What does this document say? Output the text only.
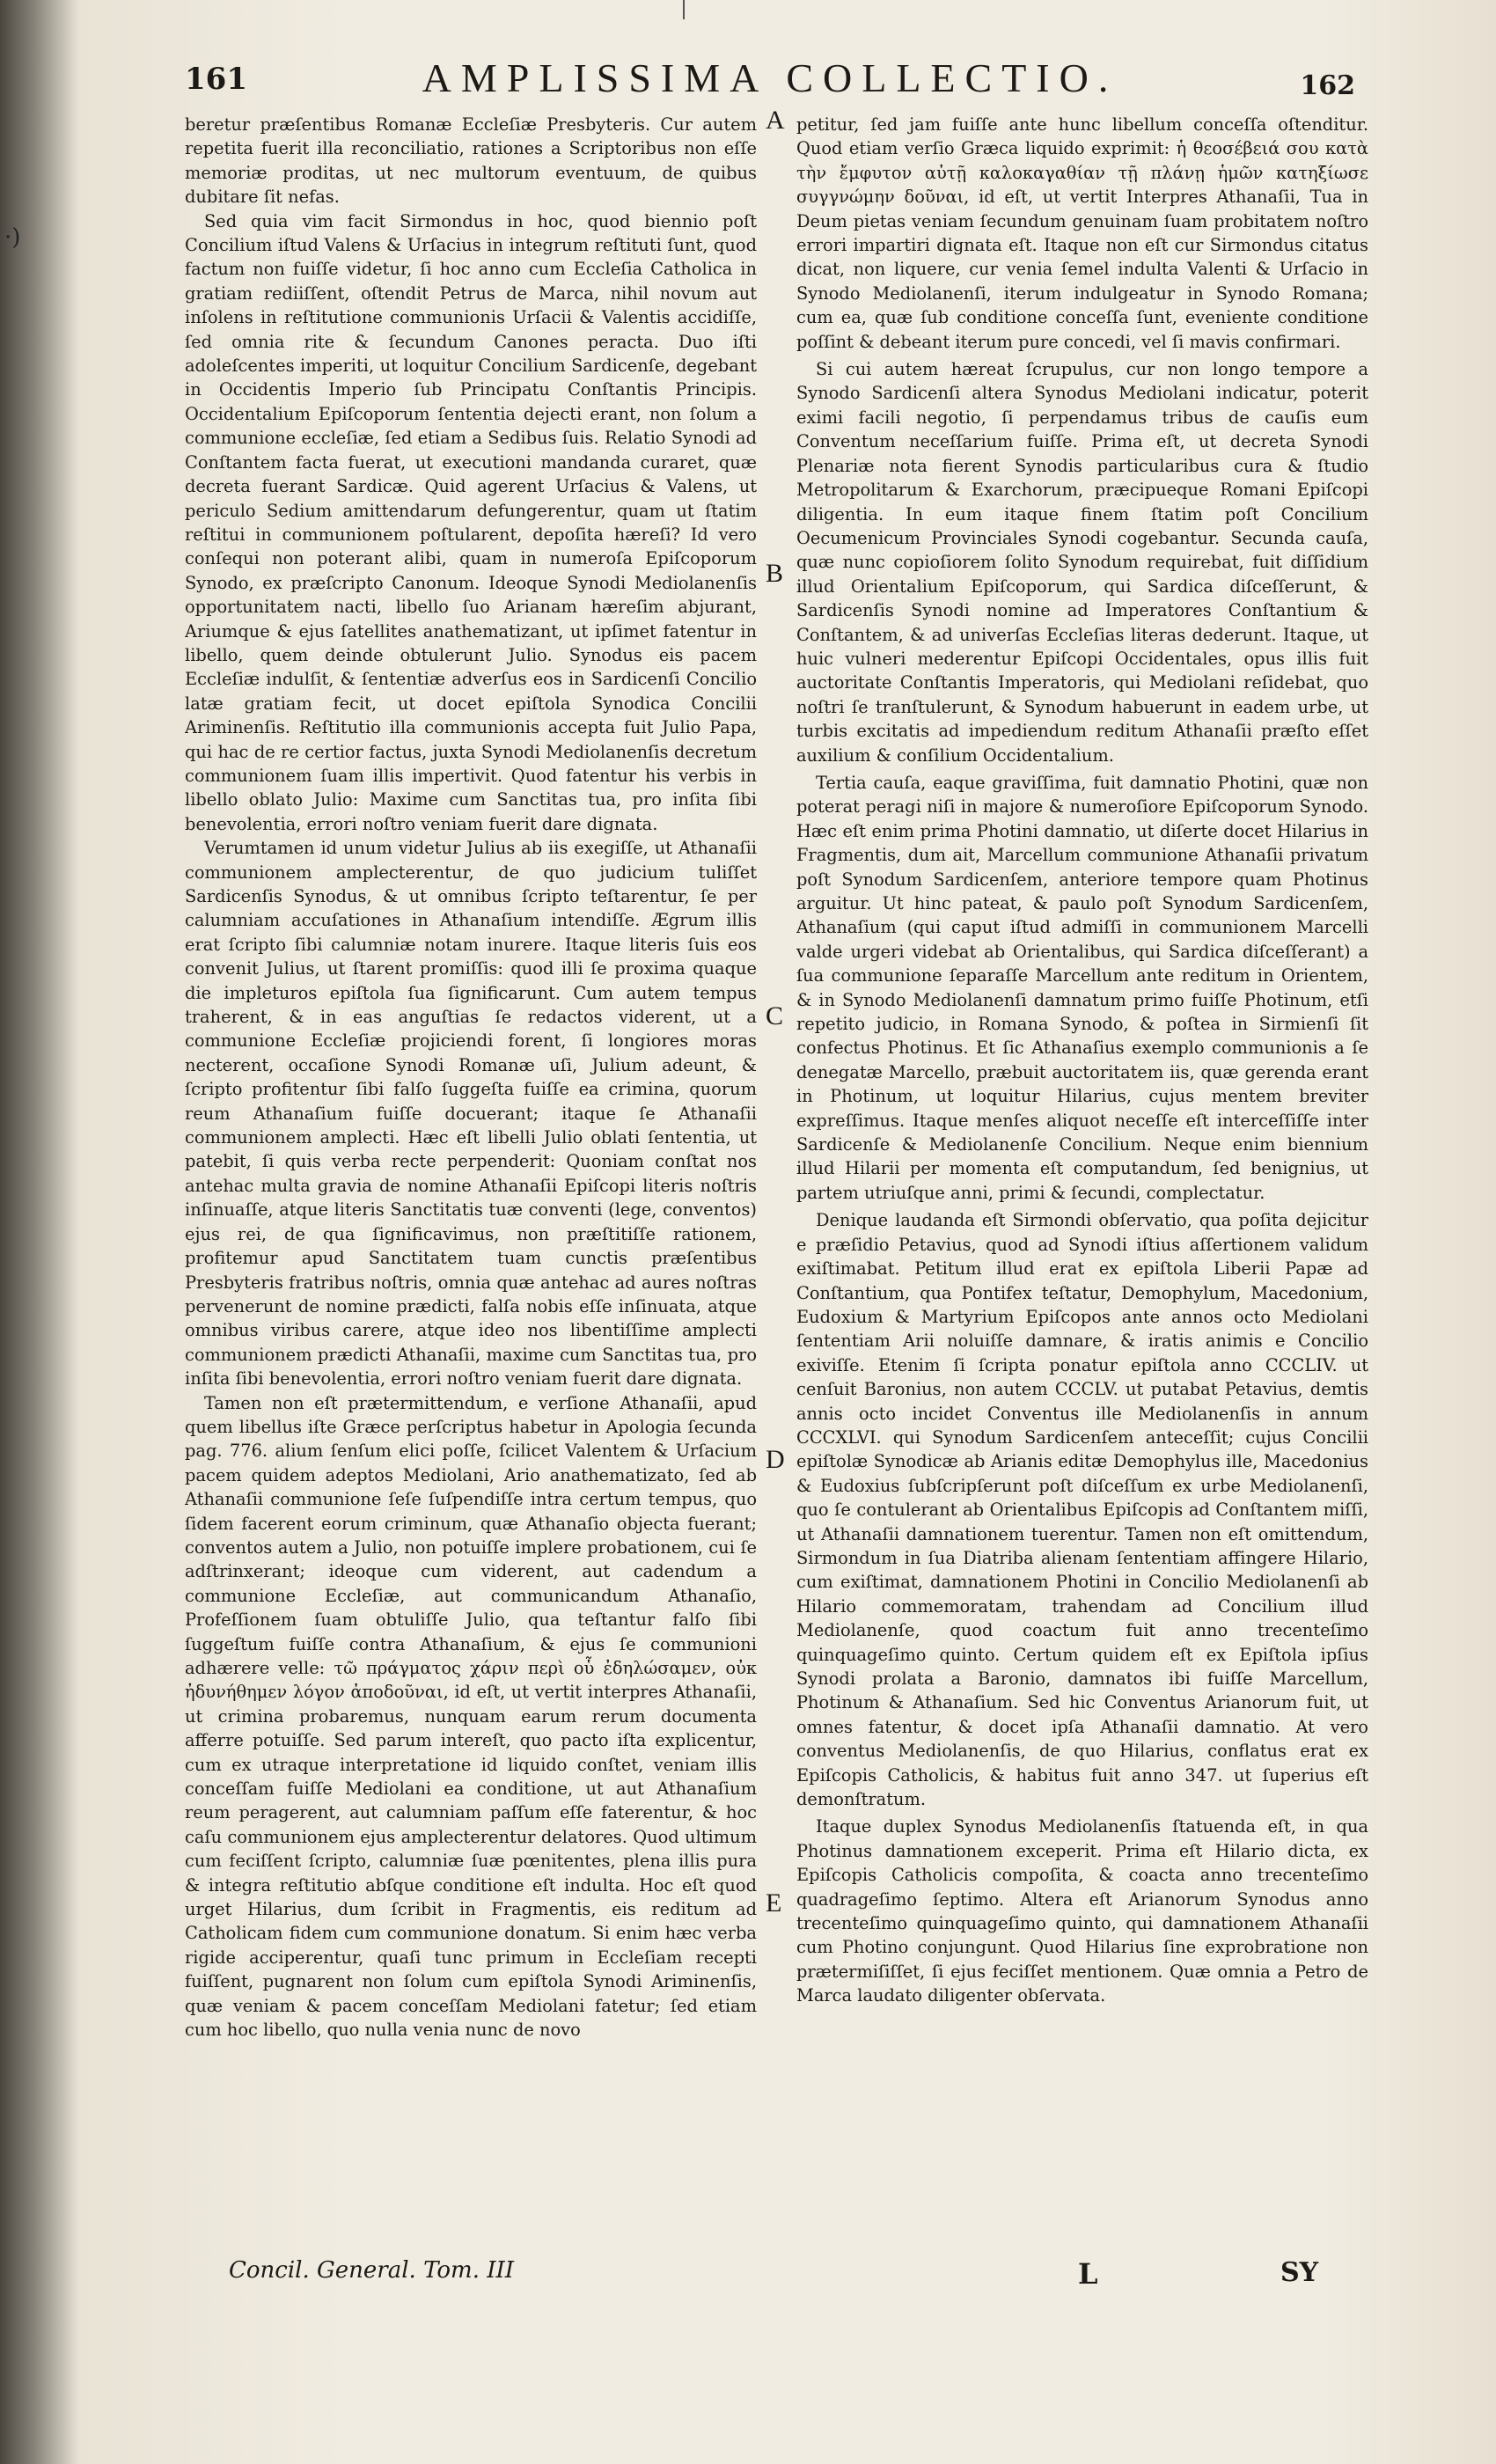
·)
161	AMPLISSIMA COLLECTIO.	162

beretur præſentibus Romanæ Eccleſiæ Presbyteris. Cur autem repetita fuerit illa reconciliatio, rationes a Scriptoribus non eſſe memoriæ proditas, ut nec multorum eventuum, de quibus dubitare ſit nefas.

Sed quia vim facit Sirmondus in hoc, quod biennio poſt Concilium iſtud Valens & Urſacius in integrum reſtituti ſunt, quod factum non fuiſſe videtur, ſi hoc anno cum Eccleſia Catholica in gratiam rediiſſent, oſtendit Petrus de Marca, nihil novum aut inſolens in reſtitutione communionis Urſacii & Valentis accidiſſe, ſed omnia rite & ſecundum Canones peracta. Duo iſti adoleſcentes imperiti, ut loquitur Concilium Sardicenſe, degebant in Occidentis Imperio ſub Principatu Conſtantis Principis. Occidentalium Epiſcoporum ſententia dejecti erant, non ſolum a communione eccleſiæ, ſed etiam a Sedibus ſuis. Relatio Synodi ad Conſtantem facta fuerat, ut executioni mandanda curaret, quæ decreta fuerant Sardicæ. Quid agerent Urſacius & Valens, ut periculo Sedium amittendarum defungerentur, quam ut ſtatim reſtitui in communionem poſtularent, depoſita hæreſi? Id vero conſequi non poterant alibi, quam in numeroſa Epiſcoporum Synodo, ex præſcripto Canonum. Ideoque Synodi Mediolanenſis opportunitatem nacti, libello ſuo Arianam hæreſim abjurant, Ariumque & ejus ſatellites anathematizant, ut ipſimet fatentur in libello, quem deinde obtulerunt Julio. Synodus eis pacem Eccleſiæ indulſit, & ſententiæ adverſus eos in Sardicenſi Concilio latæ gratiam fecit, ut docet epiſtola Synodica Concilii Ariminenſis. Reſtitutio illa communionis accepta fuit Julio Papa, qui hac de re certior factus, juxta Synodi Mediolanenſis decretum communionem ſuam illis impertivit. Quod fatentur his verbis in libello oblato Julio: Maxime cum Sanctitas tua, pro inſita ſibi benevolentia, errori noſtro veniam fuerit dare dignata.

Verumtamen id unum videtur Julius ab iis exegiſſe, ut Athanaſii communionem amplecterentur, de quo judicium tuliſſet Sardicenſis Synodus, & ut omnibus ſcripto teſtarentur, ſe per calumniam accuſationes in Athanaſium intendiſſe. Ægrum illis erat ſcripto ſibi calumniæ notam inurere. Itaque literis ſuis eos convenit Julius, ut ſtarent promiſſis: quod illi ſe proxima quaque die impleturos epiſtola ſua ſignificarunt. Cum autem tempus traherent, & in eas anguſtias ſe redactos viderent, ut a communione Eccleſiæ projiciendi forent, ſi longiores moras necterent, occaſione Synodi Romanæ uſi, Julium adeunt, & ſcripto profitentur ſibi falſo ſuggeſta fuiſſe ea crimina, quorum reum Athanaſium fuiſſe docuerant; itaque ſe Athanaſii communionem amplecti. Hæc eſt libelli Julio oblati ſententia, ut patebit, ſi quis verba recte perpenderit: Quoniam conſtat nos antehac multa gravia de nomine Athanaſii Epiſcopi literis noſtris inſinuaſſe, atque literis Sanctitatis tuæ conventi (lege, conventos) ejus rei, de qua ſignificavimus, non præſtitiſſe rationem, profitemur apud Sanctitatem tuam cunctis præſentibus Presbyteris fratribus noſtris, omnia quæ antehac ad aures noſtras pervenerunt de nomine prædicti, falſa nobis eſſe inſinuata, atque omnibus viribus carere, atque ideo nos libentiſſime amplecti communionem prædicti Athanaſii, maxime cum Sanctitas tua, pro inſita ſibi benevolentia, errori noſtro veniam fuerit dare dignata.

Tamen non eſt prætermittendum, e verſione Athanaſii, apud quem libellus iſte Græce perſcriptus habetur in Apologia ſecunda pag. 776. alium ſenſum elici poſſe, ſcilicet Valentem & Urſacium pacem quidem adeptos Mediolani, Ario anathematizato, ſed ab Athanaſii communione ſeſe ſuſpendiſſe intra certum tempus, quo ſidem facerent eorum criminum, quæ Athanaſio objecta fuerant; conventos autem a Julio, non potuiſſe implere probationem, cui ſe adſtrinxerant; ideoque cum viderent, aut cadendum a communione Eccleſiæ, aut communicandum Athanaſio, Profeſſionem ſuam obtuliſſe Julio, qua teſtantur falſo ſibi ſuggeſtum fuiſſe contra Athanaſium, & ejus ſe communioni adhærere velle: τῶ πράγματος χάριν περὶ οὗ ἐδηλώσαμεν, οὐκ ἠδυνήθημεν λόγον ἀποδοῦναι, id eſt, ut vertit interpres Athanaſii, ut crimina probaremus, nunquam earum rerum documenta afferre potuiſſe. Sed parum intereſt, quo pacto iſta explicentur, cum ex utraque interpretatione id liquido conſtet, veniam illis conceſſam fuiſſe Mediolani ea conditione, ut aut Athanaſium reum peragerent, aut calumniam paſſum eſſe faterentur, & hoc caſu communionem ejus amplecterentur delatores. Quod ultimum cum feciſſent ſcripto, calumniæ ſuæ pœnitentes, plena illis pura & integra reſtitutio abſque conditione eſt indulta. Hoc eſt quod urget Hilarius, dum ſcribit in Fragmentis, eis reditum ad Catholicam fidem cum communione donatum. Si enim hæc verba rigide acciperentur, quaſi tunc primum in Eccleſiam recepti fuiſſent, pugnarent non ſolum cum epiſtola Synodi Ariminenſis, quæ veniam & pacem conceſſam Mediolani fatetur; ſed etiam cum hoc libello, quo nulla venia nunc de novo

A
B
C
D
E

petitur, ſed jam fuiſſe ante hunc libellum conceſſa oſtenditur. Quod etiam verſio Græca liquido exprimit: ἡ θεοσέβειά σου κατὰ τὴν ἔμφυτον αὐτῇ καλοκαγαθίαν τῇ πλάνῃ ἡμῶν κατηξίωσε συγγνώμην δοῦναι, id eſt, ut vertit Interpres Athanaſii, Tua in Deum pietas veniam ſecundum genuinam ſuam probitatem noſtro errori impartiri dignata eſt. Itaque non eſt cur Sirmondus citatus dicat, non liquere, cur venia ſemel indulta Valenti & Urſacio in Synodo Mediolanenſi, iterum indulgeatur in Synodo Romana; cum ea, quæ ſub conditione conceſſa ſunt, eveniente conditione poſſint & debeant iterum pure concedi, vel ſi mavis confirmari.

Si cui autem hæreat ſcrupulus, cur non longo tempore a Synodo Sardicenſi altera Synodus Mediolani indicatur, poterit eximi facili negotio, ſi perpendamus tribus de cauſis eum Conventum neceſſarium fuiſſe. Prima eſt, ut decreta Synodi Plenariæ nota fierent Synodis particularibus cura & ſtudio Metropolitarum & Exarchorum, præcipueque Romani Epiſcopi diligentia. In eum itaque finem ſtatim poſt Concilium Oecumenicum Provinciales Synodi cogebantur. Secunda cauſa, quæ nunc copioſiorem ſolito Synodum requirebat, fuit diſſidium illud Orientalium Epiſcoporum, qui Sardica diſceſſerunt, & Sardicenſis Synodi nomine ad Imperatores Conſtantium & Conſtantem, & ad univerſas Eccleſias literas dederunt. Itaque, ut huic vulneri mederentur Epiſcopi Occidentales, opus illis fuit auctoritate Conſtantis Imperatoris, qui Mediolani reſidebat, quo noſtri ſe tranſtulerunt, & Synodum habuerunt in eadem urbe, ut turbis excitatis ad impediendum reditum Athanaſii præſto eſſet auxilium & conſilium Occidentalium.

Tertia cauſa, eaque graviſſima, fuit damnatio Photini, quæ non poterat peragi niſi in majore & numeroſiore Epiſcoporum Synodo. Hæc eſt enim prima Photini damnatio, ut diſerte docet Hilarius in Fragmentis, dum ait, Marcellum communione Athanaſii privatum poſt Synodum Sardicenſem, anteriore tempore quam Photinus arguitur. Ut hinc pateat, & paulo poſt Synodum Sardicenſem, Athanaſium (qui caput iſtud admiſſi in communionem Marcelli valde urgeri videbat ab Orientalibus, qui Sardica diſceſſerant) a ſua communione ſeparaſſe Marcellum ante reditum in Orientem, & in Synodo Mediolanenſi damnatum primo fuiſſe Photinum, etſi repetito judicio, in Romana Synodo, & poſtea in Sirmienſi ſit confectus Photinus. Et ſic Athanaſius exemplo communionis a ſe denegatæ Marcello, præbuit auctoritatem iis, quæ gerenda erant in Photinum, ut loquitur Hilarius, cujus mentem breviter expreſſimus. Itaque menſes aliquot neceſſe eſt interceſſiſſe inter Sardicenſe & Mediolanenſe Concilium. Neque enim biennium illud Hilarii per momenta eſt computandum, ſed benignius, ut partem utriuſque anni, primi & ſecundi, complectatur.

Denique laudanda eſt Sirmondi obſervatio, qua poſita dejicitur e præſidio Petavius, quod ad Synodi iſtius aſſertionem validum exiſtimabat. Petitum illud erat ex epiſtola Liberii Papæ ad Conſtantium, qua Pontifex teſtatur, Demophylum, Macedonium, Eudoxium & Martyrium Epiſcopos ante annos octo Mediolani ſententiam Arii noluiſſe damnare, & iratis animis e Concilio exiviſſe. Etenim ſi ſcripta ponatur epiſtola anno CCCLIV. ut cenſuit Baronius, non autem CCCLV. ut putabat Petavius, demtis annis octo incidet Conventus ille Mediolanenſis in annum CCCXLVI. qui Synodum Sardicenſem anteceſſit; cujus Concilii epiſtolæ Synodicæ ab Arianis editæ Demophylus ille, Macedonius & Eudoxius ſubſcripſerunt poſt diſceſſum ex urbe Mediolanenſi, quo ſe contulerant ab Orientalibus Epiſcopis ad Conſtantem miſſi, ut Athanaſii damnationem tuerentur. Tamen non eſt omittendum, Sirmondum in ſua Diatriba alienam ſententiam affingere Hilario, cum exiſtimat, damnationem Photini in Concilio Mediolanenſi ab Hilario commemoratam, trahendam ad Concilium illud Mediolanenſe, quod coactum fuit anno trecenteſimo quinquageſimo quinto. Certum quidem eſt ex Epiſtola ipſius Synodi prolata a Baronio, damnatos ibi fuiſſe Marcellum, Photinum & Athanaſium. Sed hic Conventus Arianorum fuit, ut omnes fatentur, & docet ipſa Athanaſii damnatio. At vero conventus Mediolanenſis, de quo Hilarius, conflatus erat ex Epiſcopis Catholicis, & habitus fuit anno 347. ut ſuperius eſt demonſtratum.

Itaque duplex Synodus Mediolanenſis ſtatuenda eſt, in qua Photinus damnationem exceperit. Prima eſt Hilario dicta, ex Epiſcopis Catholicis compoſita, & coacta anno trecenteſimo quadrageſimo ſeptimo. Altera eſt Arianorum Synodus anno trecenteſimo quinquageſimo quinto, qui damnationem Athanaſii cum Photino conjungunt. Quod Hilarius ſine exprobratione non prætermiſiſſet, ſi ejus feciſſet mentionem. Quæ omnia a Petro de Marca laudato diligenter obſervata.

Concil. General. Tom. III	L	SY
